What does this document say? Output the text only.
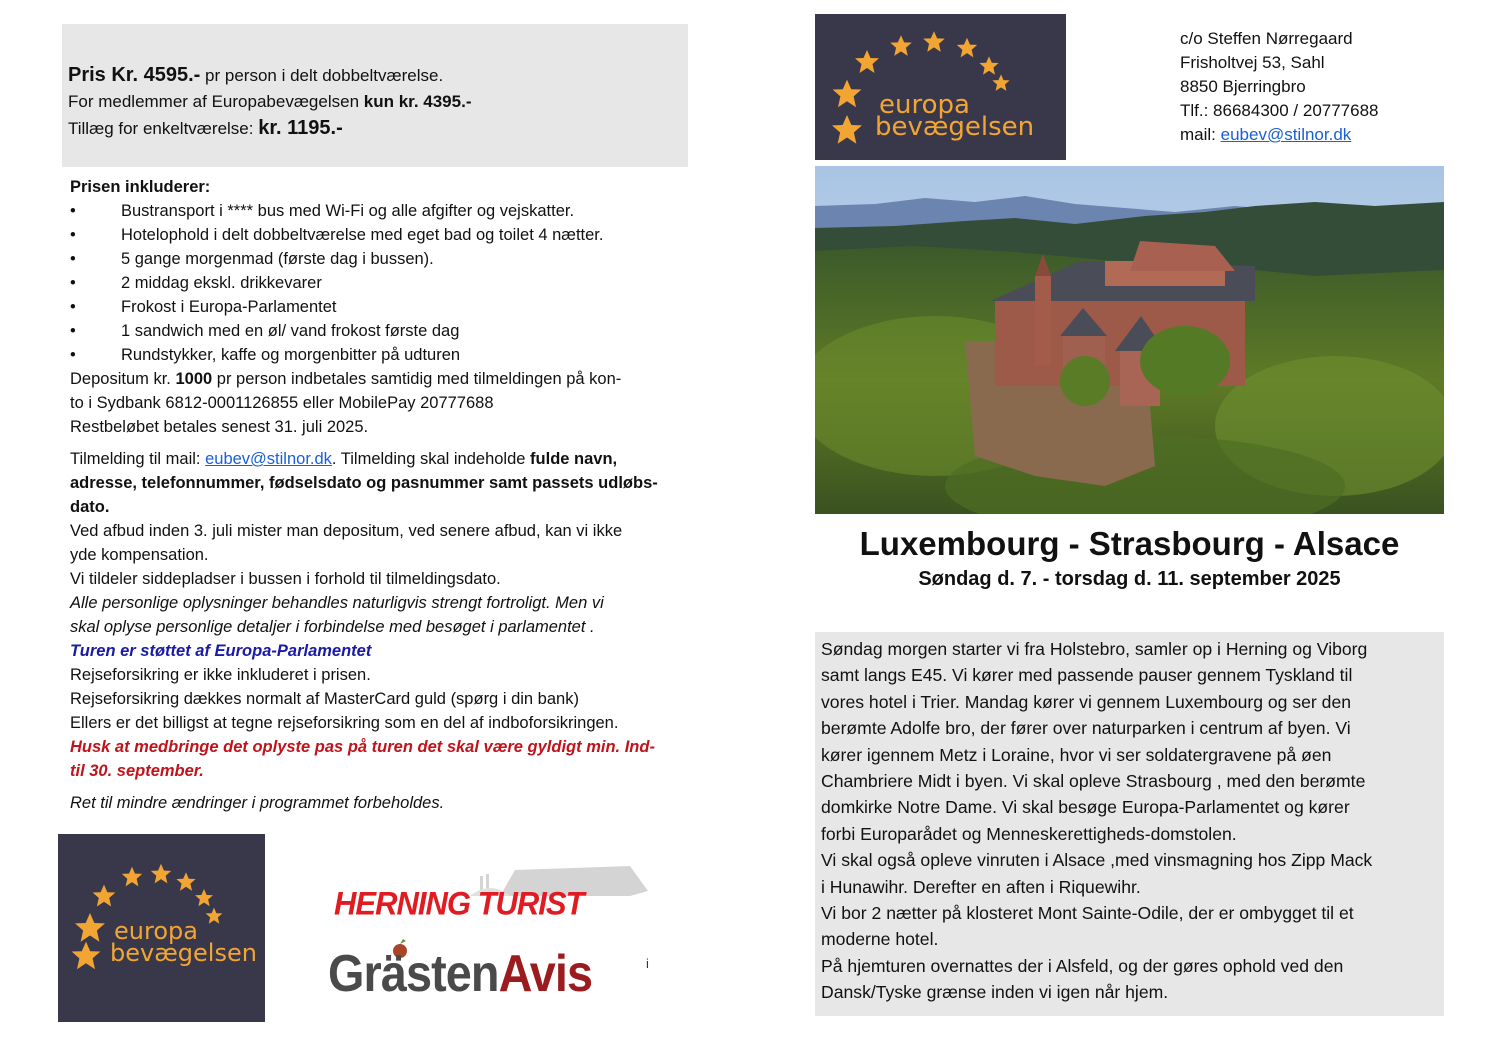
Pris Kr. 4595.- pr person i delt dobbeltværelse.
For medlemmer af Europabevægelsen kun kr. 4395.-
Tillæg for enkeltværelse: kr. 1195.-

Prisen inkluderer:

•	Bustransport i **** bus med Wi-Fi og alle afgifter og vejskatter.
•	Hotelophold i delt dobbeltværelse med eget bad og toilet 4 nætter.
•	5 gange morgenmad (første dag i bussen).
•	2 middag ekskl. drikkevarer
•	Frokost i Europa-Parlamentet
•	1 sandwich med en øl/ vand frokost første dag
•	Rundstykker, kaffe og morgenbitter på udturen

Depositum kr. 1000 pr person indbetales samtidig med tilmeldingen på kon-

to i Sydbank 6812-0001126855 eller MobilePay 20777688

Restbeløbet betales senest 31. juli 2025.

Tilmelding til mail: eubev@stilnor.dk. Tilmelding skal indeholde fulde navn,

adresse, telefonnummer, fødselsdato og pasnummer samt passets udløbs-

dato.

Ved afbud inden 3. juli mister man depositum, ved senere afbud, kan vi ikke

yde kompensation.

Vi tildeler siddepladser i bussen i forhold til tilmeldingsdato.

Alle personlige oplysninger behandles naturligvis strengt fortroligt. Men vi

skal oplyse personlige detaljer i forbindelse med besøget i parlamentet .

Turen er støttet af Europa-Parlamentet

Rejseforsikring er ikke inkluderet i prisen.

Rejseforsikring dækkes normalt af MasterCard guld (spørg i din bank)

Ellers er det billigst at tegne rejseforsikring som en del af indboforsikringen.

Husk at medbringe det oplyste pas på turen det skal være gyldigt min. Ind-

til 30. september.

Ret til mindre ændringer i programmet forbeholdes.

europa
bevægelsen
HERNING TURIST
GrästenAvis	i
europa
bevægelsen
c/o Steffen Nørregaard
Frisholtvej 53, Sahl
8850 Bjerringbro
Tlf.: 86684300 / 20777688
mail: eubev@stilnor.dk
Luxembourg - Strasbourg - Alsace
Søndag d. 7. - torsdag d. 11. september 2025

Søndag morgen starter vi fra Holstebro, samler op i Herning og Viborg

samt langs E45. Vi kører med passende pauser gennem Tyskland til

vores hotel i Trier. Mandag kører vi gennem Luxembourg og ser den

berømte Adolfe bro, der fører over naturparken i centrum af byen. Vi

kører igennem Metz i Loraine, hvor vi ser soldatergravene på øen

Chambriere Midt i byen. Vi skal opleve Strasbourg , med den berømte

domkirke Notre Dame. Vi skal besøge Europa-Parlamentet og kører

forbi Europarådet og Menneskerettigheds-domstolen.

Vi skal også opleve vinruten i Alsace ,med vinsmagning hos Zipp Mack

i Hunawihr. Derefter en aften i Riquewihr.

Vi bor 2 nætter på klosteret Mont Sainte-Odile, der er ombygget til et

moderne hotel.

På hjemturen overnattes der i Alsfeld, og der gøres ophold ved den

Dansk/Tyske grænse inden vi igen når hjem.
